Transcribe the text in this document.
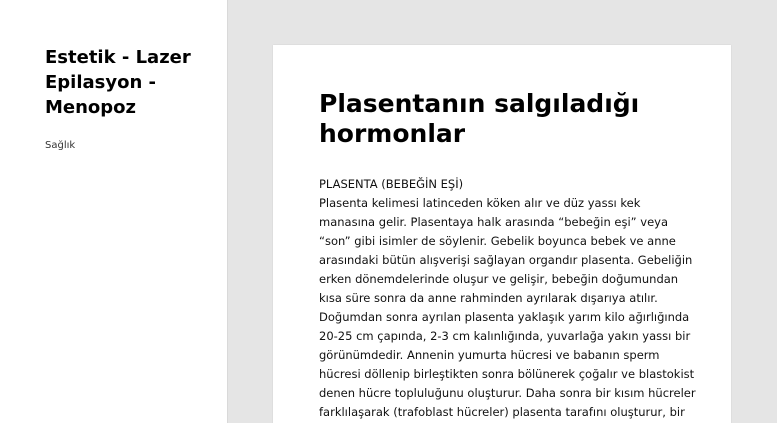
Estetik - Lazer Epilasyon - Menopoz
Sağlık
Plasentanın salgıladığı hormonlar
PLASENTA (BEBEĞİN EŞİ)
Plasenta kelimesi latinceden köken alır ve düz yassı kek
manasına gelir. Plasentaya halk arasında “bebeğin eşi” veya
“son” gibi isimler de söylenir. Gebelik boyunca bebek ve anne
arasındaki bütün alışverişi sağlayan organdır plasenta. Gebeliğin
erken dönemdelerinde oluşur ve gelişir, bebeğin doğumundan
kısa süre sonra da anne rahminden ayrılarak dışarıya atılır.
Doğumdan sonra ayrılan plasenta yaklaşık yarım kilo ağırlığında
20-25 cm çapında, 2-3 cm kalınlığında, yuvarlağa yakın yassı bir
görünümdedir. Annenin yumurta hücresi ve babanın sperm
hücresi döllenip birleştikten sonra bölünerek çoğalır ve blastokist
denen hücre topluluğunu oluşturur. Daha sonra bir kısım hücreler
farklılaşarak (trafoblast hücreler) plasenta tarafını oluşturur, bir
